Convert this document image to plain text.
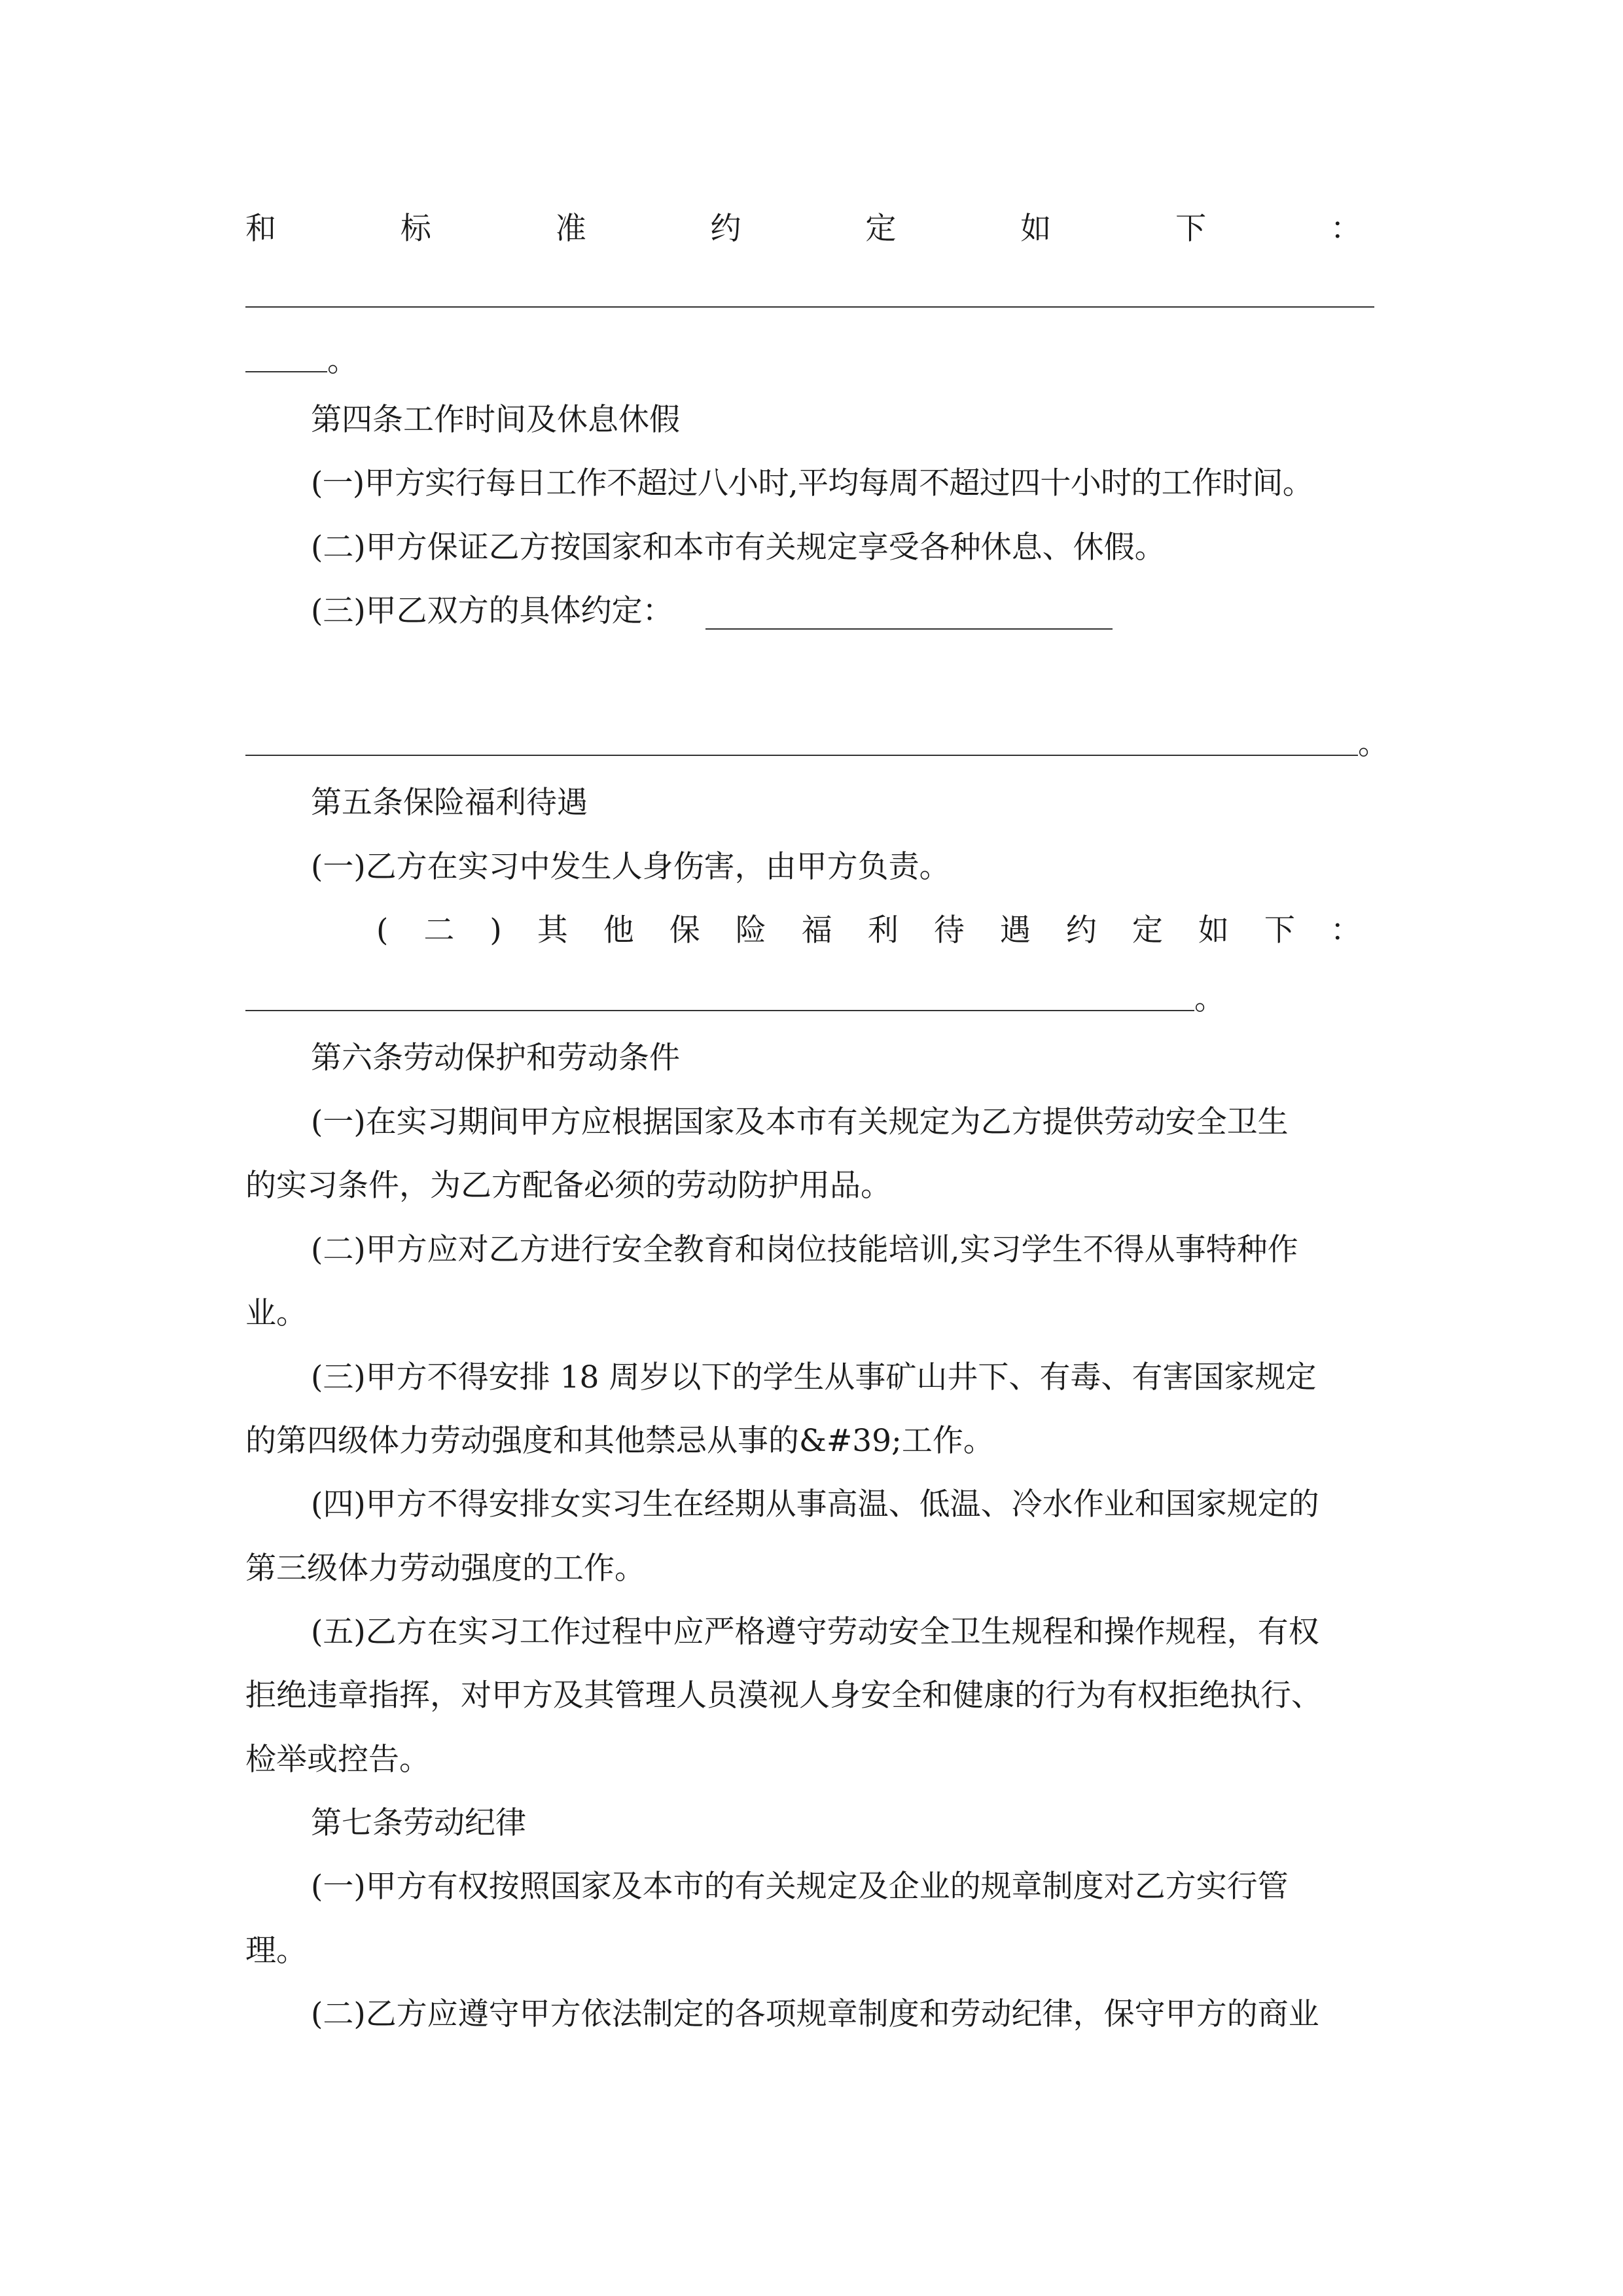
和	标	准	约	定	如	下	：
。
第四条工作时间及休息休假
(一)甲方实行每日工作不超过八小时,平均每周不超过四十小时的工作时间。
(二)甲方保证乙方按国家和本市有关规定享受各种休息、休假。
(三)甲乙双方的具体约定：
。
第五条保险福利待遇
(一)乙方在实习中发生人身伤害，由甲方负责。
( 二 ) 其 他 保 险 福 利 待 遇 约 定 如 下 ：
。
第六条劳动保护和劳动条件
(一)在实习期间甲方应根据国家及本市有关规定为乙方提供劳动安全卫生
的实习条件，为乙方配备必须的劳动防护用品。
(二)甲方应对乙方进行安全教育和岗位技能培训,实习学生不得从事特种作
业。
(三)甲方不得安排 18 周岁以下的学生从事矿山井下、有毒、有害国家规定
的第四级体力劳动强度和其他禁忌从事的&#39;工作。
(四)甲方不得安排女实习生在经期从事高温、低温、冷水作业和国家规定的
第三级体力劳动强度的工作。
(五)乙方在实习工作过程中应严格遵守劳动安全卫生规程和操作规程，有权
拒绝违章指挥，对甲方及其管理人员漠视人身安全和健康的行为有权拒绝执行、
检举或控告。
第七条劳动纪律
(一)甲方有权按照国家及本市的有关规定及企业的规章制度对乙方实行管
理。
(二)乙方应遵守甲方依法制定的各项规章制度和劳动纪律，保守甲方的商业
